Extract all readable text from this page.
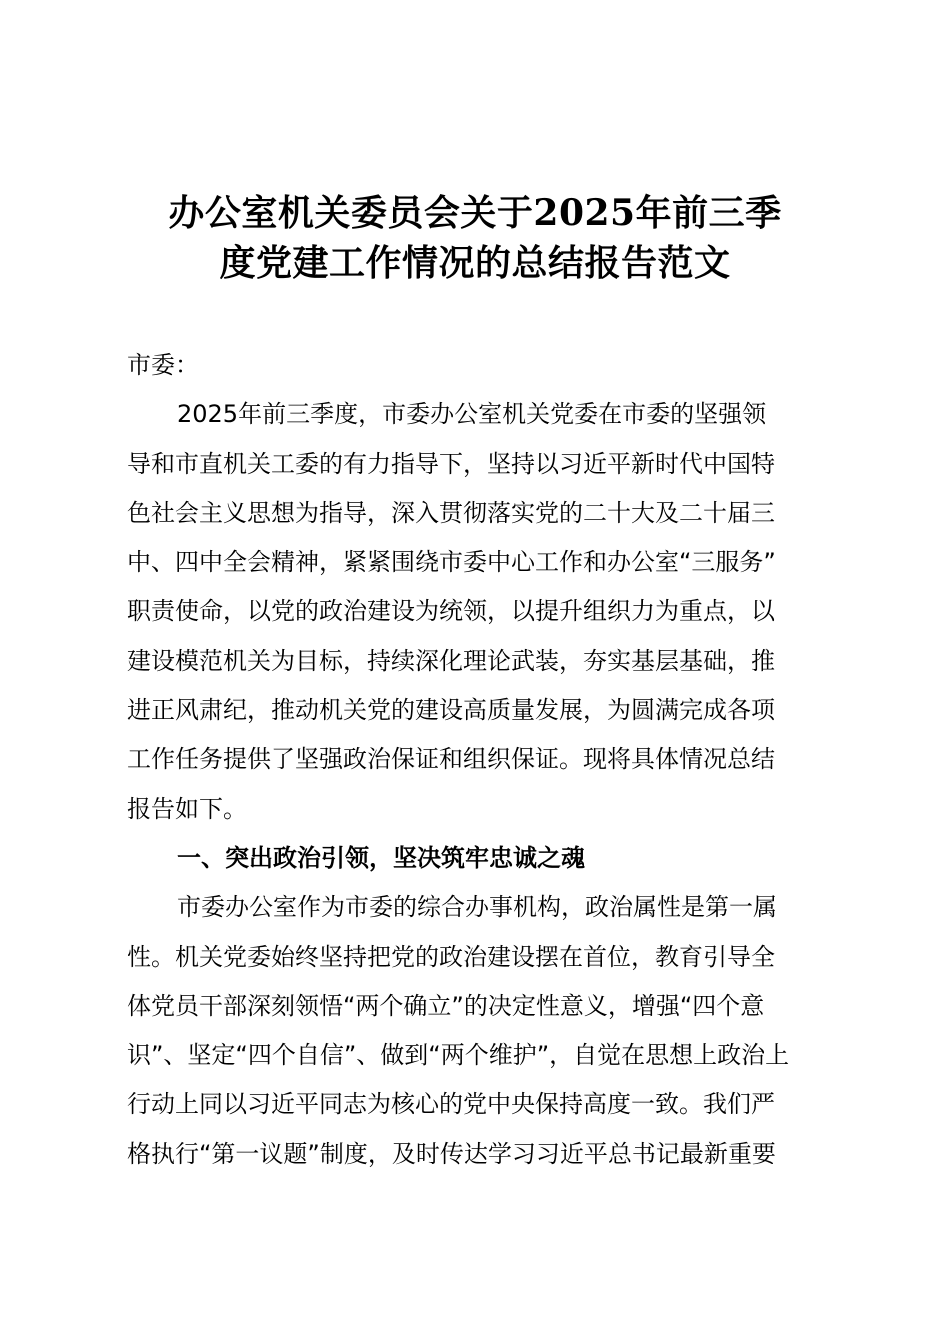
办公室机关委员会关于2025年前三季
度党建工作情况的总结报告范文

市委：

2025年前三季度，市委办公室机关党委在市委的坚强领
导和市直机关工委的有力指导下，坚持以习近平新时代中国特
色社会主义思想为指导，深入贯彻落实党的二十大及二十届三
中、四中全会精神，紧紧围绕市委中心工作和办公室“三服务”
职责使命，以党的政治建设为统领，以提升组织力为重点，以
建设模范机关为目标，持续深化理论武装，夯实基层基础，推
进正风肃纪，推动机关党的建设高质量发展，为圆满完成各项
工作任务提供了坚强政治保证和组织保证。现将具体情况总结
报告如下。

一、突出政治引领，坚决筑牢忠诚之魂

市委办公室作为市委的综合办事机构，政治属性是第一属
性。机关党委始终坚持把党的政治建设摆在首位，教育引导全
体党员干部深刻领悟“两个确立”的决定性意义，增强“四个意
识”、坚定“四个自信”、做到“两个维护”，自觉在思想上政治上
行动上同以习近平同志为核心的党中央保持高度一致。我们严
格执行“第一议题”制度，及时传达学习习近平总书记最新重要
